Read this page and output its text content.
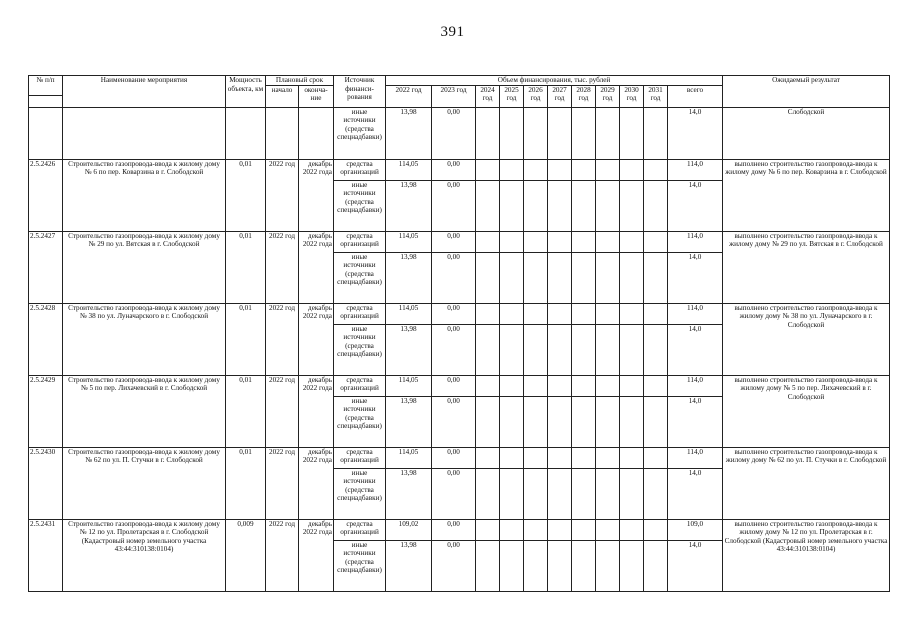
391
№ п/п	Наименование мероприятия	Мощность объекта, км	Плановый срок		Источник финанси-рования	Объем финансирования, тыс. рублей											Ожидаемый результат
			начало	оконча-ние		2022 год	2023 год	2024 год	2025 год	2026 год	2027 год	2028 год	2029 год	2030 год	2031 год	всего	

					иные источники (средства спецнадбавки)	13,98	0,00									14,0	Слободской
2.5.2426	Строительство газопровода-ввода к жилому дому № 6 по пер. Коварзина в г. Слободской	0,01	2022 год	декабрь 2022 года	средства организаций	114,05	0,00									114,0	выполнено строительство газопровода-ввода к жилому дому № 6 по пер. Коварзина в г. Слободской
					иные источники (средства спецнадбавки)	13,98	0,00									14,0	
2.5.2427	Строительство газопровода-ввода к жилому дому № 29 по ул. Вятская в г. Слободской	0,01	2022 год	декабрь 2022 года	средства организаций	114,05	0,00									114,0	выполнено строительство газопровода-ввода к жилому дому № 29 по ул. Вятская в г. Слободской
					иные источники (средства спецнадбавки)	13,98	0,00									14,0	
2.5.2428	Строительство газопровода-ввода к жилому дому № 38 по ул. Луначарского в г. Слободской	0,01	2022 год	декабрь 2022 года	средства организаций	114,05	0,00									114,0	выполнено строительство газопровода-ввода к жилому дому № 38 по ул. Луначарского в г. Слободской
					иные источники (средства спецнадбавки)	13,98	0,00									14,0	
2.5.2429	Строительство газопровода-ввода к жилому дому № 5 по пер. Лихачевский в г. Слободской	0,01	2022 год	декабрь 2022 года	средства организаций	114,05	0,00									114,0	выполнено строительство газопровода-ввода к жилому дому № 5 по пер. Лихачевский в г. Слободской
					иные источники (средства спецнадбавки)	13,98	0,00									14,0	
2.5.2430	Строительство газопровода-ввода к жилому дому № 62 по ул. П. Стучки в г. Слободской	0,01	2022 год	декабрь 2022 года	средства организаций	114,05	0,00									114,0	выполнено строительство газопровода-ввода к жилому дому № 62 по ул. П. Стучки в г. Слободской
					иные источники (средства спецнадбавки)	13,98	0,00									14,0	
2.5.2431	Строительство газопровода-ввода к жилому дому № 12 по ул. Пролетарская в г. Слободской (Кадастровый номер земельного участка 43:44:310138:0104)	0,009	2022 год	декабрь 2022 года	средства организаций	109,02	0,00									109,0	выполнено строительство газопровода-ввода к жилому дому № 12 по ул. Пролетарская в г. Слободской (Кадастровый номер земельного участка 43:44:310138:0104)
					иные источники (средства спецнадбавки)	13,98	0,00									14,0	
